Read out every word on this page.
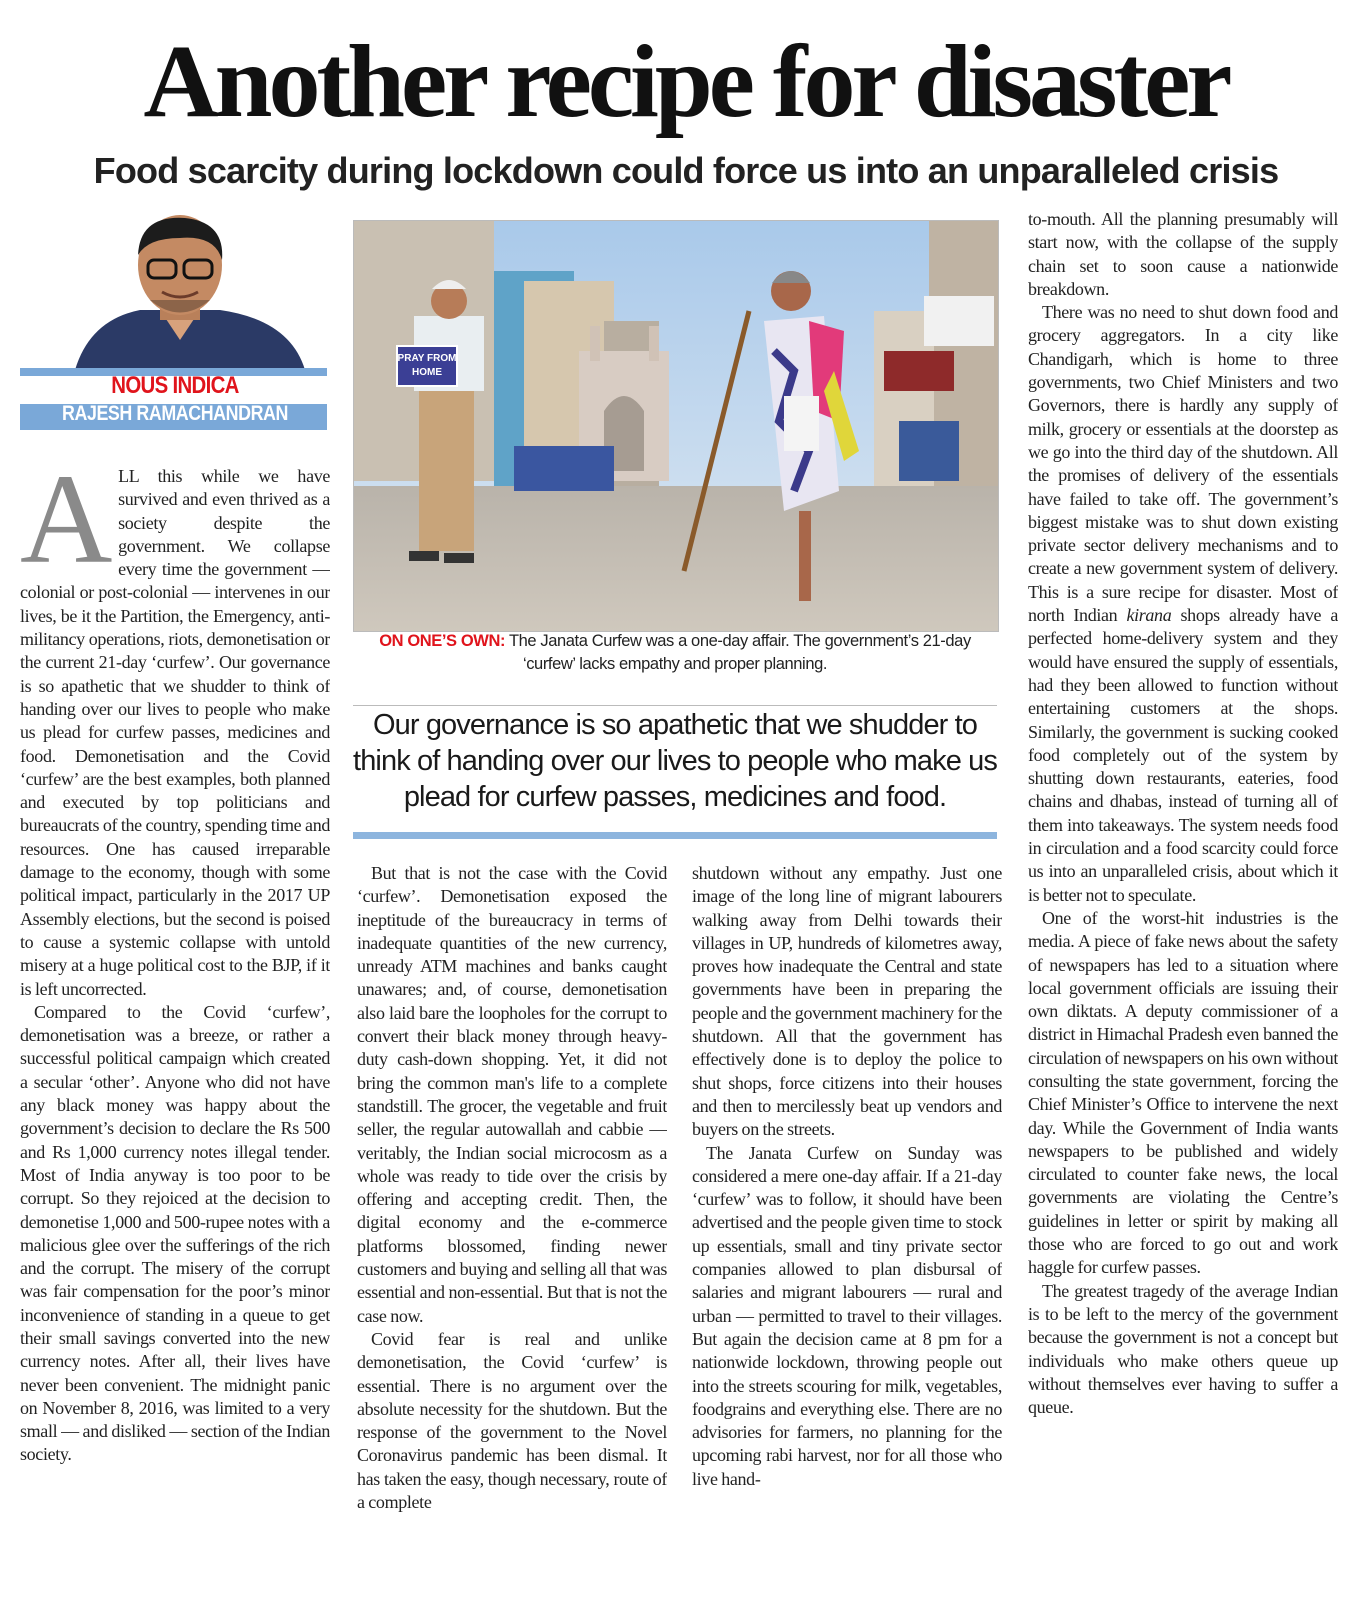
Another recipe for disaster
Food scarcity during lockdown could force us into an unparalleled crisis
NOUS INDICA
RAJESH RAMACHANDRAN
PRAY FROM
HOME
ON ONE’S OWN: The Janata Curfew was a one-day affair. The government’s 21-day ‘curfew’ lacks empathy and proper planning.
Our governance is so apathetic that we shudder to think of handing over our lives to people who make us plead for curfew passes, medicines and food.

ALL this while we have survived and even thrived as a society despite the government. We collapse every time the government — colonial or post-colonial — intervenes in our lives, be it the Partition, the Emergency, anti-militancy operations, riots, demonetisation or the current 21-day ‘curfew’. Our governance is so apathetic that we shudder to think of handing over our lives to people who make us plead for curfew passes, medicines and food. Demonetisation and the Covid ‘curfew’ are the best examples, both planned and executed by top politicians and bureaucrats of the country, spending time and resources. One has caused irreparable damage to the economy, though with some political impact, particularly in the 2017 UP Assembly elections, but the second is poised to cause a systemic collapse with untold misery at a huge political cost to the BJP, if it is left uncorrected.

Compared to the Covid ‘curfew’, demonetisation was a breeze, or rather a successful political campaign which created a secular ‘other’. Anyone who did not have any black money was happy about the government’s decision to declare the Rs 500 and Rs 1,000 currency notes illegal tender. Most of India anyway is too poor to be corrupt. So they rejoiced at the decision to demonetise 1,000 and 500-rupee notes with a malicious glee over the sufferings of the rich and the corrupt. The misery of the corrupt was fair compensation for the poor’s minor inconvenience of standing in a queue to get their small savings converted into the new currency notes. After all, their lives have never been convenient. The midnight panic on November 8, 2016, was limited to a very small — and disliked — section of the Indian society.

But that is not the case with the Covid ‘curfew’. Demonetisation exposed the ineptitude of the bureaucracy in terms of inadequate quantities of the new currency, unready ATM machines and banks caught unawares; and, of course, demonetisation also laid bare the loopholes for the corrupt to convert their black money through heavy-duty cash-down shopping. Yet, it did not bring the common man's life to a complete standstill. The grocer, the vegetable and fruit seller, the regular autowallah and cabbie — veritably, the Indian social microcosm as a whole was ready to tide over the crisis by offering and accepting credit. Then, the digital economy and the e-commerce platforms blossomed, finding newer customers and buying and selling all that was essential and non-essential. But that is not the case now.

Covid fear is real and unlike demonetisation, the Covid ‘curfew’ is essential. There is no argument over the absolute necessity for the shutdown. But the response of the government to the Novel Coronavirus pandemic has been dismal. It has taken the easy, though necessary, route of a complete

shutdown without any empathy. Just one image of the long line of migrant labourers walking away from Delhi towards their villages in UP, hundreds of kilometres away, proves how inadequate the Central and state governments have been in preparing the people and the government machinery for the shutdown. All that the government has effectively done is to deploy the police to shut shops, force citizens into their houses and then to mercilessly beat up vendors and buyers on the streets.

The Janata Curfew on Sunday was considered a mere one-day affair. If a 21-day ‘curfew’ was to follow, it should have been advertised and the people given time to stock up essentials, small and tiny private sector companies allowed to plan disbursal of salaries and migrant labourers — rural and urban — permitted to travel to their villages. But again the decision came at 8 pm for a nationwide lockdown, throwing people out into the streets scouring for milk, vegetables, foodgrains and everything else. There are no advisories for farmers, no planning for the upcoming rabi harvest, nor for all those who live hand-

to-mouth. All the planning presumably will start now, with the collapse of the supply chain set to soon cause a nationwide breakdown.

There was no need to shut down food and grocery aggregators. In a city like Chandigarh, which is home to three governments, two Chief Ministers and two Governors, there is hardly any supply of milk, grocery or essentials at the doorstep as we go into the third day of the shutdown. All the promises of delivery of the essentials have failed to take off. The government’s biggest mistake was to shut down existing private sector delivery mechanisms and to create a new government system of delivery. This is a sure recipe for disaster. Most of north Indian kirana shops already have a perfected home-delivery system and they would have ensured the supply of essentials, had they been allowed to function without entertaining customers at the shops. Similarly, the government is sucking cooked food completely out of the system by shutting down restaurants, eateries, food chains and dhabas, instead of turning all of them into takeaways. The system needs food in circulation and a food scarcity could force us into an unparalleled crisis, about which it is better not to speculate.

One of the worst-hit industries is the media. A piece of fake news about the safety of newspapers has led to a situation where local government officials are issuing their own diktats. A deputy commissioner of a district in Himachal Pradesh even banned the circulation of newspapers on his own without consulting the state government, forcing the Chief Minister’s Office to intervene the next day. While the Government of India wants newspapers to be published and widely circulated to counter fake news, the local governments are violating the Centre’s guidelines in letter or spirit by making all those who are forced to go out and work haggle for curfew passes.

The greatest tragedy of the average Indian is to be left to the mercy of the government because the government is not a concept but individuals who make others queue up without themselves ever having to suffer a queue.
